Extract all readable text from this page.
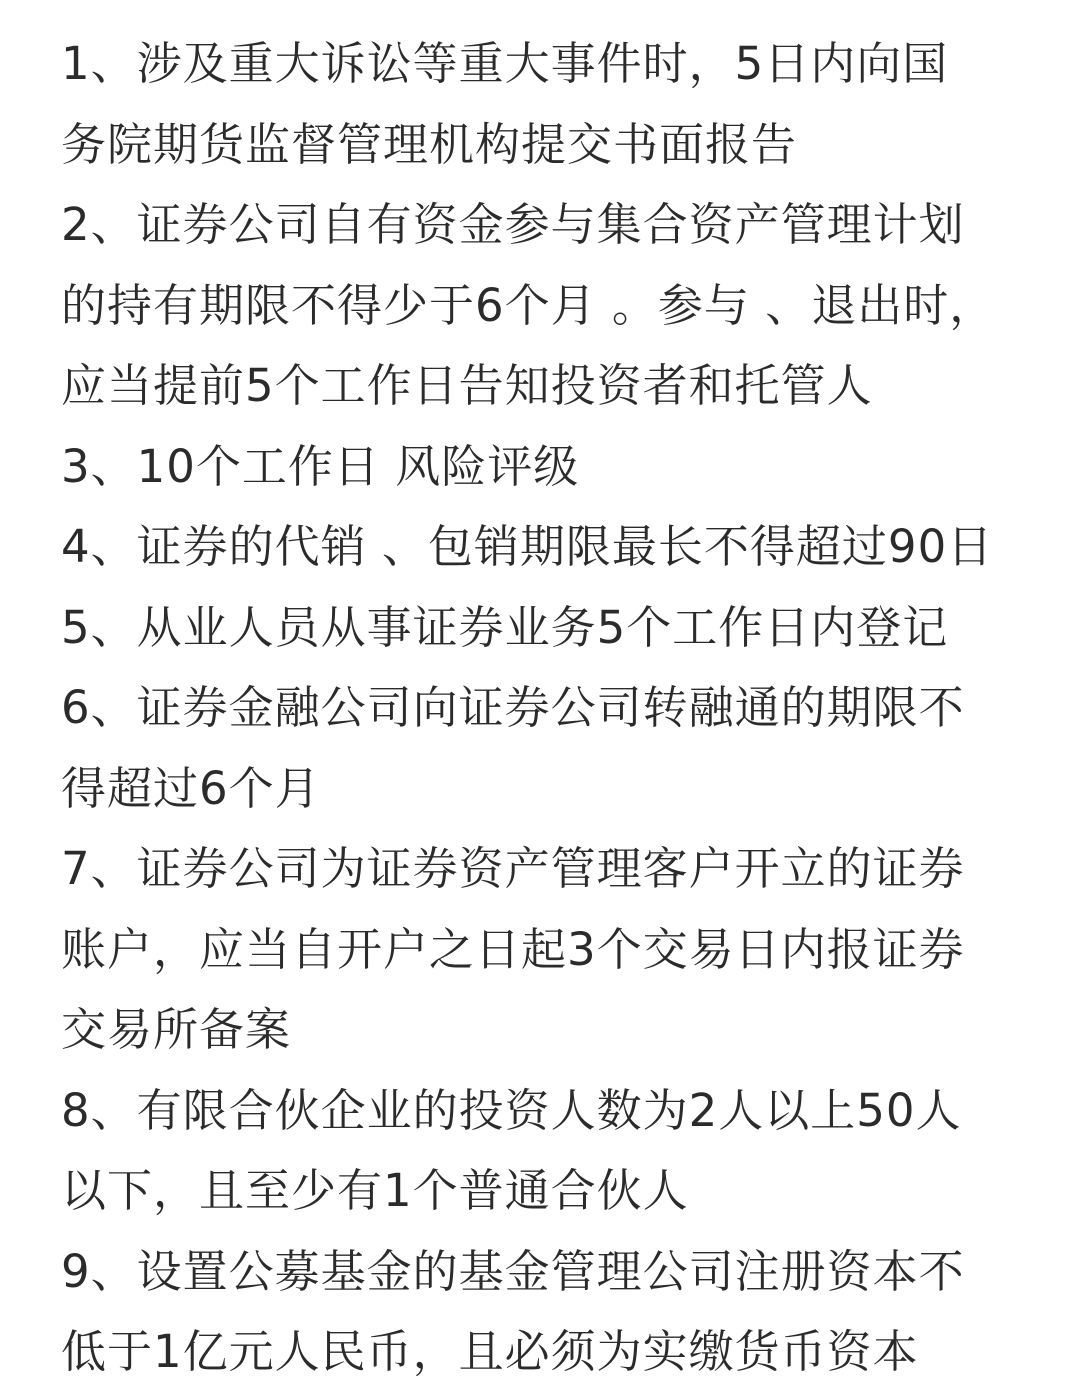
1、涉及重大诉讼等重大事件时，5日内向国
务院期货监督管理机构提交书面报告
2、证券公司自有资金参与集合资产管理计划
的持有期限不得少于6个月 。参与 、退出时，
应当提前5个工作日告知投资者和托管人
3、10个工作日 风险评级
4、证券的代销 、包销期限最长不得超过90日
5、从业人员从事证券业务5个工作日内登记
6、证券金融公司向证券公司转融通的期限不
得超过6个月
7、证券公司为证券资产管理客户开立的证券
账户，应当自开户之日起3个交易日内报证券
交易所备案
8、有限合伙企业的投资人数为2人以上50人
以下，且至少有1个普通合伙人
9、设置公募基金的基金管理公司注册资本不
低于1亿元人民币，且必须为实缴货币资本
